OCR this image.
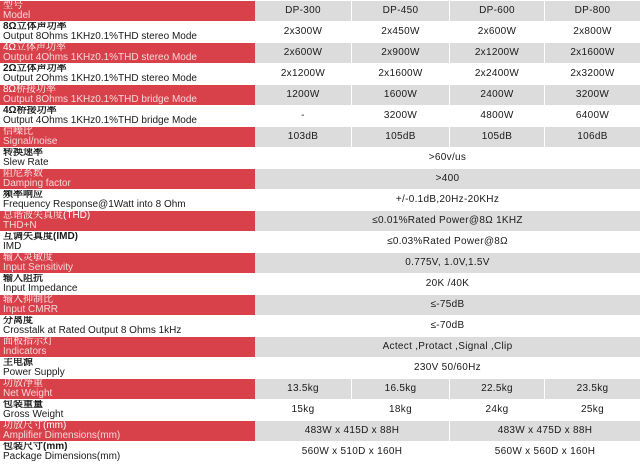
型号
Model	DP-300	DP-450	DP-600	DP-800

8Ω立体声功率
Output 8Ohms 1KHz0.1%THD stereo Mode	2x300W	2x450W	2x600W	2x800W

4Ω立体声功率
Output 4Ohms 1KHz0.1%THD stereo Mode	2x600W	2x900W	2x1200W	2x1600W

2Ω立体声功率
Output 2Ohms 1KHz0.1%THD stereo Mode	2x1200W	2x1600W	2x2400W	2x3200W

8Ω桥接功率
Output 8Ohms 1KHz0.1%THD bridge Mode	1200W	1600W	2400W	3200W

4Ω桥接功率
Output 4Ohms 1KHz0.1%THD bridge Mode	-	3200W	4800W	6400W

信噪比
Signal/noise	103dB	105dB	105dB	106dB

转换速率
Slew Rate	>60v/us			

阻尼系数
Damping factor	>400			

频率响应
Frequency Response@1Watt into 8 Ohm	+/-0.1dB,20Hz-20KHz			

总谐波失真度(THD)
THD+N	≤0.01%Rated Power@8Ω 1KHZ			

互调失真度(IMD)
IMD	≤0.03%Rated Power@8Ω			

输入灵敏度
Input Sensitivity	0.775V, 1.0V,1.5V			

输入阻抗
Input Impedance	20K /40K			

输入抑制比
Input CMRR	≤-75dB			

分离度
Crosstalk at Rated Output 8 Ohms 1kHz	≤-70dB			

面板指示灯
Indicators	Actect ,Protact ,Signal ,Clip			

主电源
Power Supply	230V 50/60Hz			

功放净重
Net Weight	13.5kg	16.5kg	22.5kg	23.5kg

包装重量
Gross Weight	15kg	18kg	24kg	25kg

功放尺寸(mm)
Amplifier Dimensions(mm)	483W x 415D x 88H		483W x 475D x 88H	

包装尺寸(mm)
Package Dimensions(mm)	560W x 510D x 160H		560W x 560D x 160H	
